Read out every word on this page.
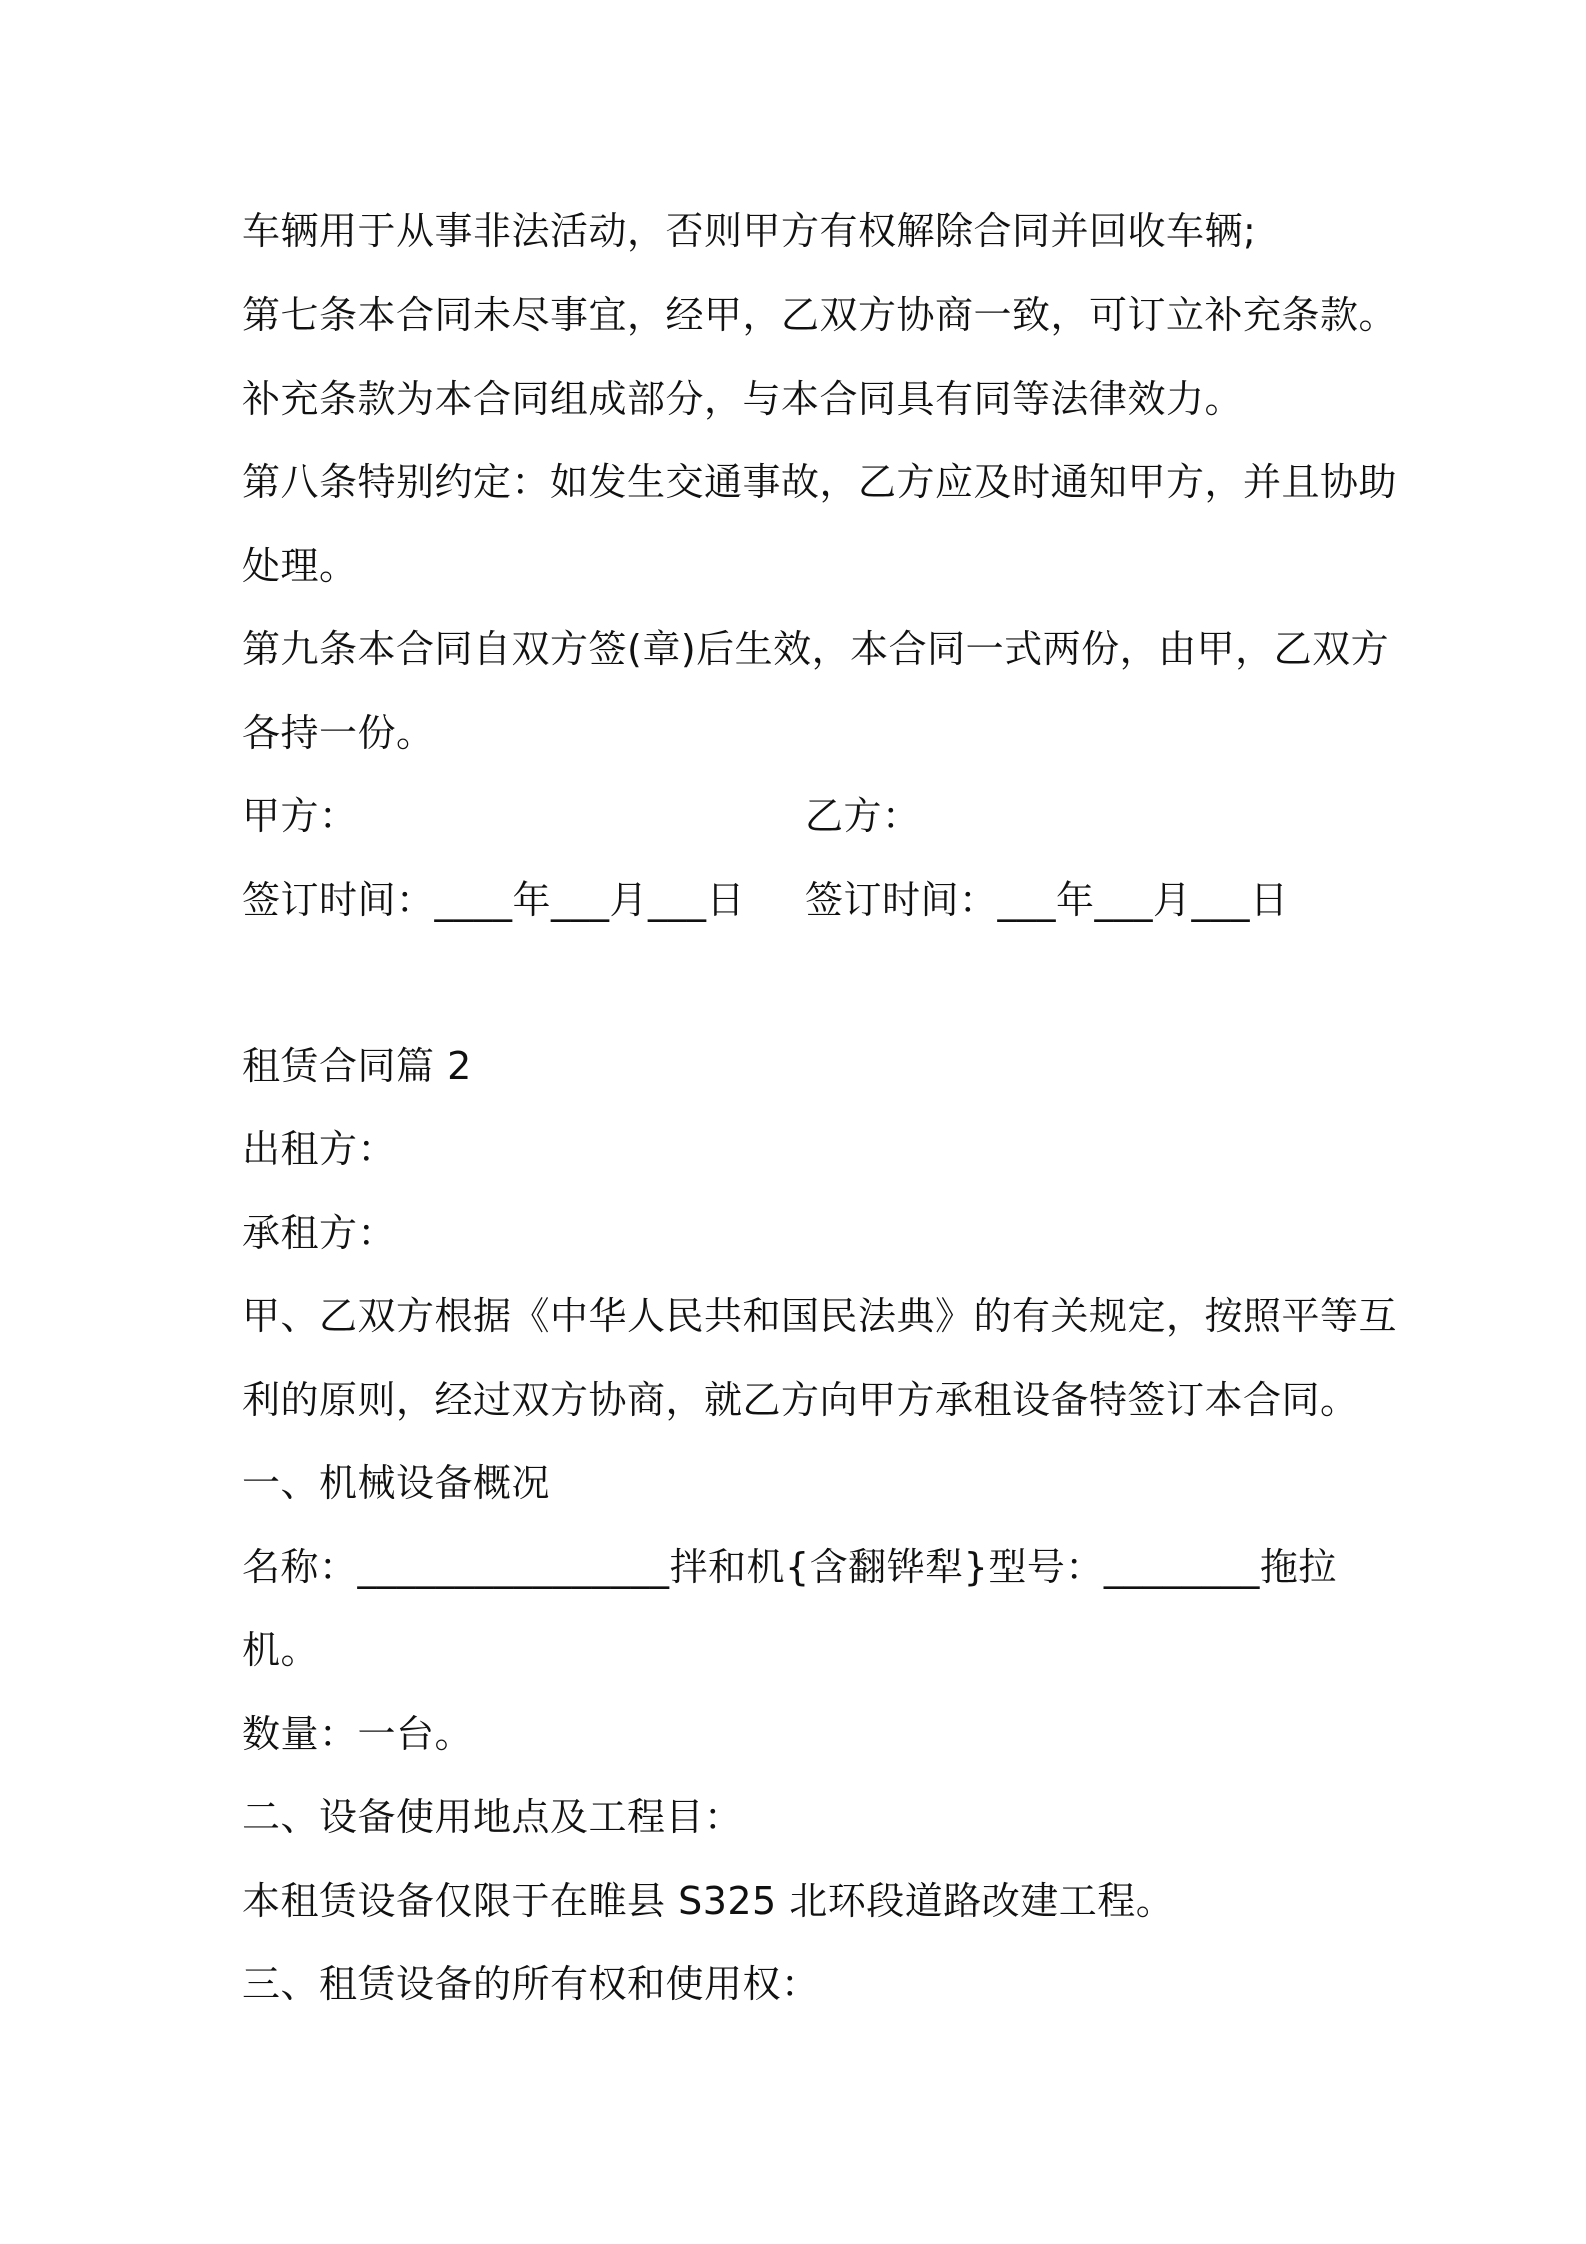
车辆用于从事非法活动，否则甲方有权解除合同并回收车辆;
第七条本合同未尽事宜，经甲，乙双方协商一致，可订立补充条款。
补充条款为本合同组成部分，与本合同具有同等法律效力。
第八条特别约定：如发生交通事故，乙方应及时通知甲方，并且协助
处理。
第九条本合同自双方签(章)后生效，本合同一式两份，由甲，乙双方
各持一份。
甲方：	乙方：
签订时间：____年___月___日 签订时间：___年___月___日
租赁合同篇 2
出租方：
承租方：
甲、乙双方根据《中华人民共和国民法典》的有关规定，按照平等互
利的原则，经过双方协商，就乙方向甲方承租设备特签订本合同。
一、机械设备概况
名称：________________拌和机{含翻铧犁}型号：________拖拉
机。
数量：一台。
二、设备使用地点及工程目：
本租赁设备仅限于在睢县 S325 北环段道路改建工程。
三、租赁设备的所有权和使用权：
